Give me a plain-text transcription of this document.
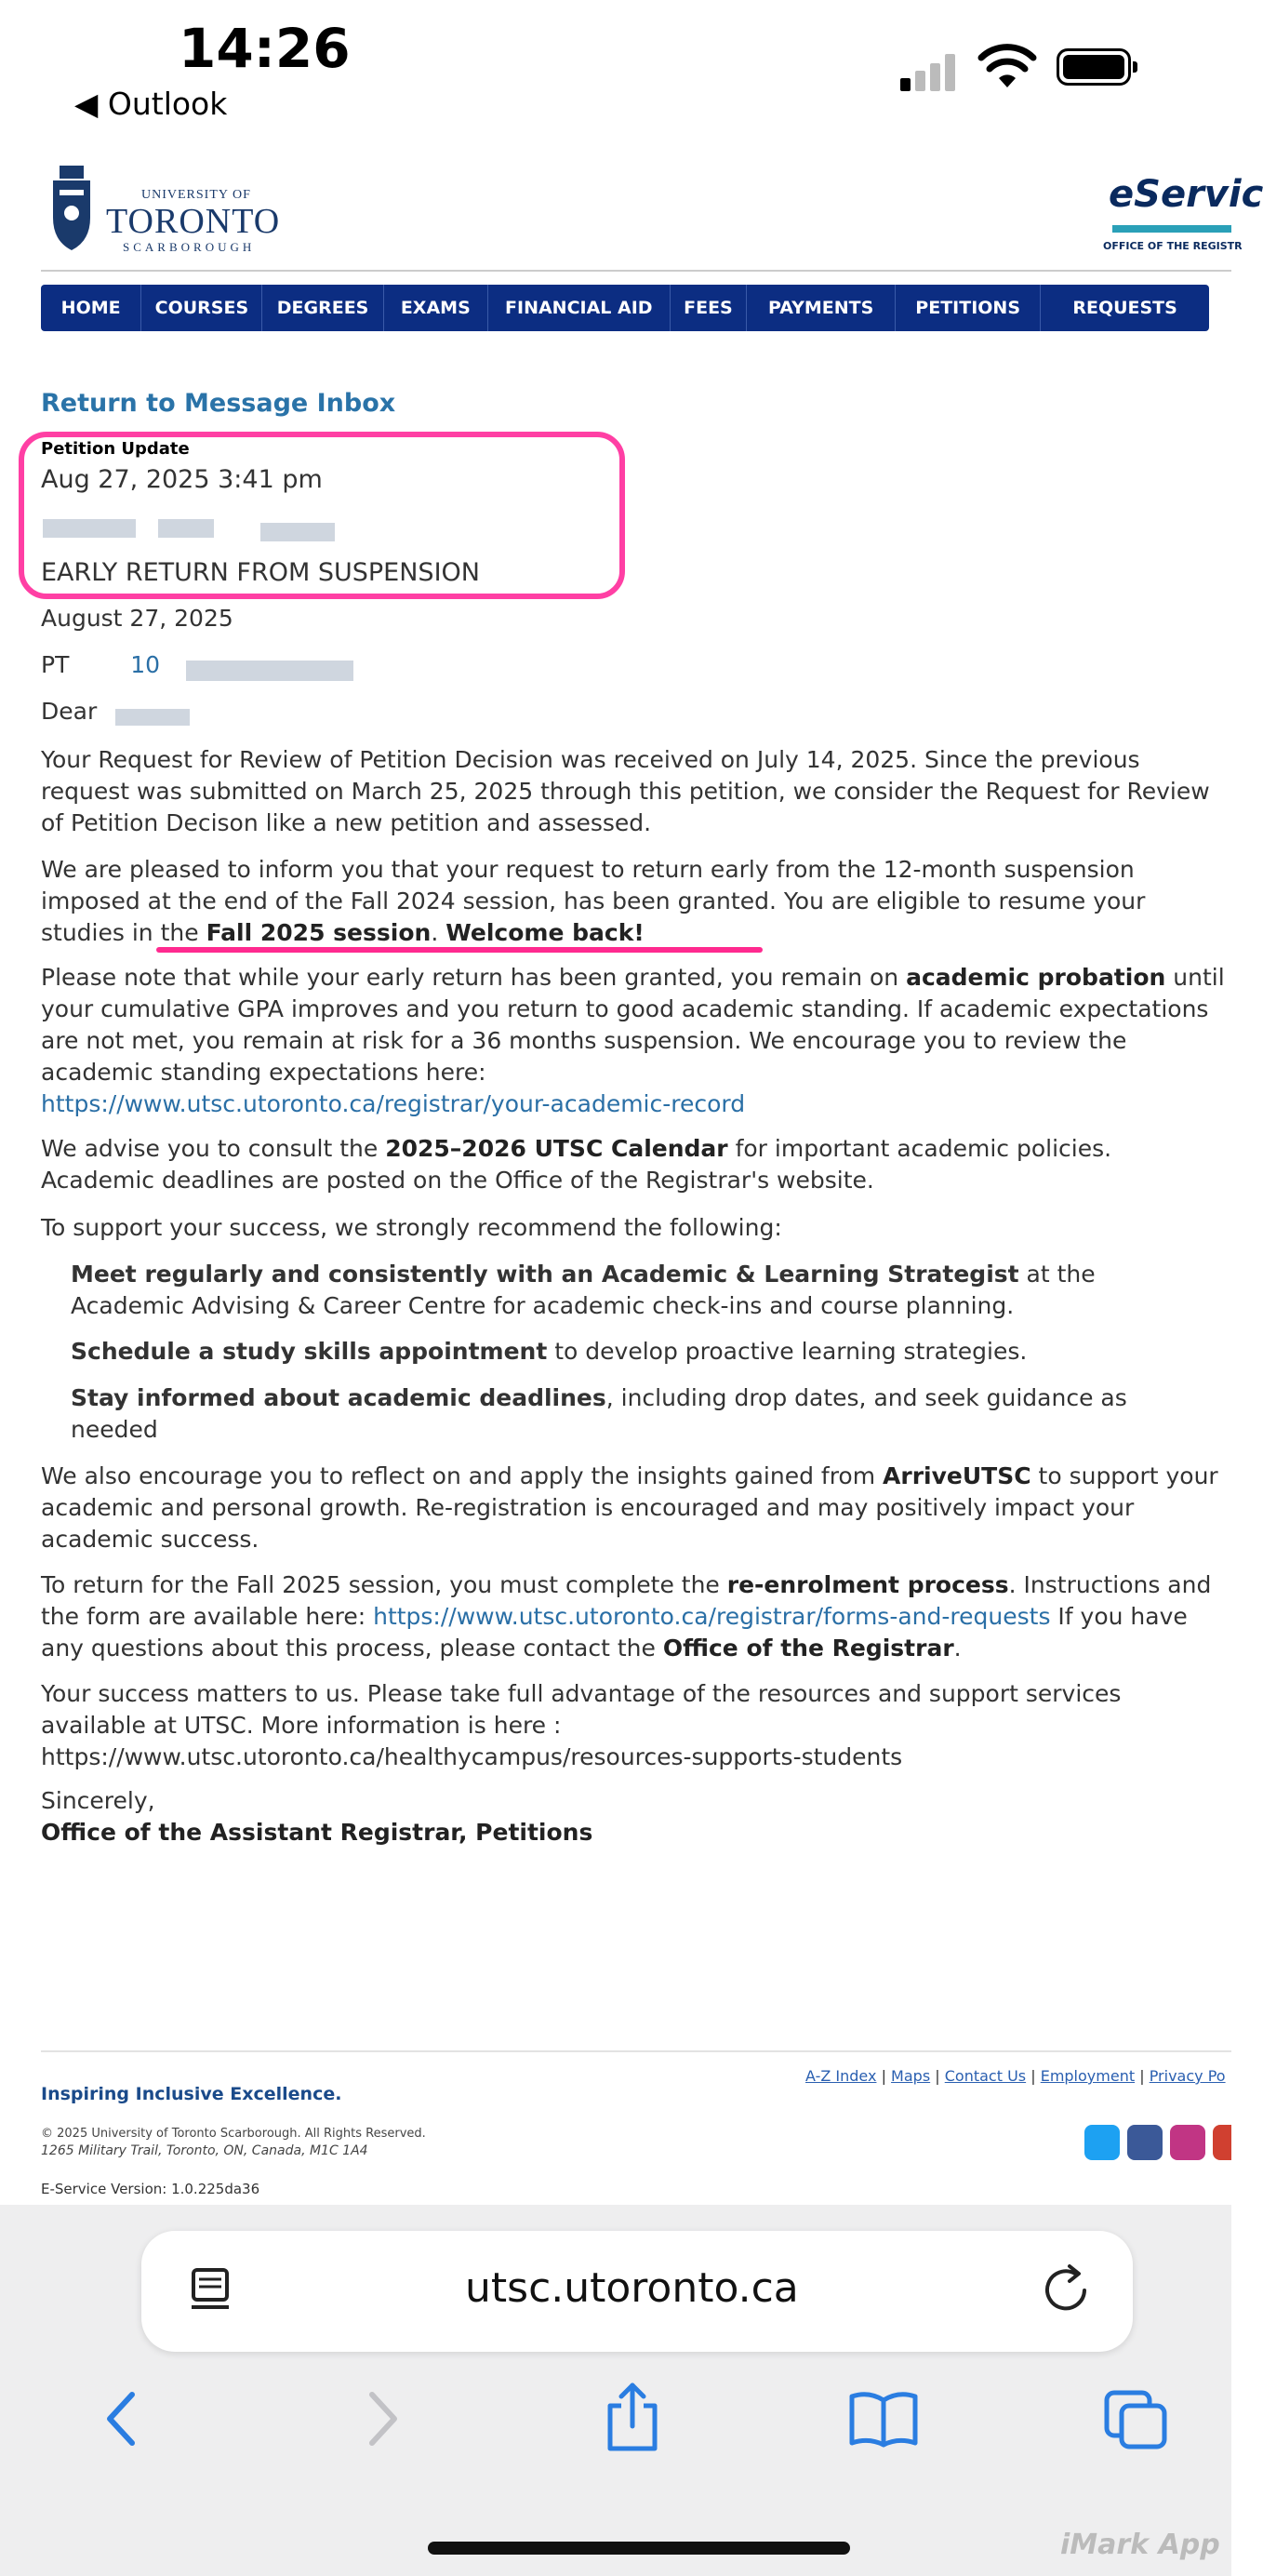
14:26
◀ Outlook
UNIVERSITY OF
TORONTO
SCARBOROUGH
eServic
OFFICE OF THE REGISTR
HOME	COURSES	DEGREES	EXAMS	FINANCIAL AID	FEES	PAYMENTS	PETITIONS	REQUESTS
Return to Message Inbox
Petition Update
Aug 27, 2025 3:41 pm
EARLY RETURN FROM SUSPENSION
August 27, 2025
PT	10
Dear
Your Request for Review of Petition Decision was received on July 14, 2025. Since the previous request was submitted on March 25, 2025 through this petition, we consider the Request for Review of Petition Decison like a new petition and assessed.
We are pleased to inform you that your request to return early from the 12-month suspension imposed at the end of the Fall 2024 session, has been granted. You are eligible to resume your studies in the Fall 2025 session. Welcome back!
Please note that while your early return has been granted, you remain on academic probation until your cumulative GPA improves and you return to good academic standing. If academic expectations are not met, you remain at risk for a 36 months suspension. We encourage you to review the academic standing expectations here:
https://www.utsc.utoronto.ca/registrar/your-academic-record
We advise you to consult the 2025–2026 UTSC Calendar for important academic policies. Academic deadlines are posted on the Office of the Registrar's website.
To support your success, we strongly recommend the following:
Meet regularly and consistently with an Academic & Learning Strategist at the Academic Advising & Career Centre for academic check-ins and course planning.
Schedule a study skills appointment to develop proactive learning strategies.
Stay informed about academic deadlines, including drop dates, and seek guidance as needed
We also encourage you to reflect on and apply the insights gained from ArriveUTSC to support your academic and personal growth. Re-registration is encouraged and may positively impact your academic success.
To return for the Fall 2025 session, you must complete the re-enrolment process. Instructions and the form are available here: https://www.utsc.utoronto.ca/registrar/forms-and-requests If you have any questions about this process, please contact the Office of the Registrar.
Your success matters to us. Please take full advantage of the resources and support services available at UTSC. More information is here :
https://www.utsc.utoronto.ca/healthycampus/resources-supports-students
Sincerely,
Office of the Assistant Registrar, Petitions
A-Z Index | Maps | Contact Us | Employment | Privacy Po
Inspiring Inclusive Excellence.
© 2025 University of Toronto Scarborough. All Rights Reserved.
1265 Military Trail, Toronto, ON, Canada, M1C 1A4
E-Service Version: 1.0.225da36
utsc.utoronto.ca
iMark App
